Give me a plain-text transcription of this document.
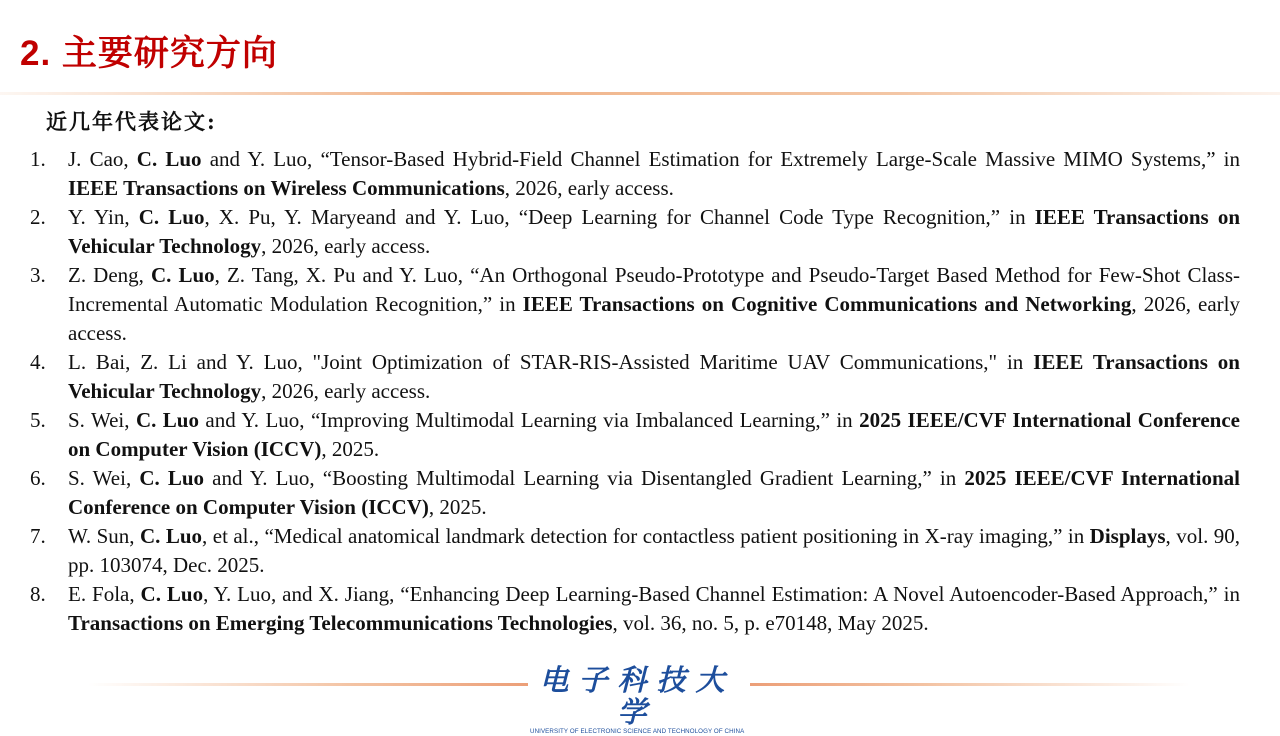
2. 主要研究方向
近几年代表论文:
1. J. Cao, C. Luo and Y. Luo, “Tensor-Based Hybrid-Field Channel Estimation for Extremely Large-Scale Massive MIMO Systems,” in IEEE Transactions on Wireless Communications, 2026, early access.
2. Y. Yin, C. Luo, X. Pu, Y. Maryeand and Y. Luo, “Deep Learning for Channel Code Type Recognition,” in IEEE Transactions on Vehicular Technology, 2026, early access.
3. Z. Deng, C. Luo, Z. Tang, X. Pu and Y. Luo, “An Orthogonal Pseudo-Prototype and Pseudo-Target Based Method for Few-Shot Class-Incremental Automatic Modulation Recognition,” in IEEE Transactions on Cognitive Communications and Networking, 2026, early access.
4. L. Bai, Z. Li and Y. Luo, "Joint Optimization of STAR-RIS-Assisted Maritime UAV Communications," in IEEE Transactions on Vehicular Technology, 2026, early access.
5. S. Wei, C. Luo and Y. Luo, “Improving Multimodal Learning via Imbalanced Learning,” in 2025 IEEE/CVF International Conference on Computer Vision (ICCV), 2025.
6. S. Wei, C. Luo and Y. Luo, “Boosting Multimodal Learning via Disentangled Gradient Learning,” in 2025 IEEE/CVF International Conference on Computer Vision (ICCV), 2025.
7. W. Sun, C. Luo, et al., “Medical anatomical landmark detection for contactless patient positioning in X-ray imaging,” in Displays, vol. 90, pp. 103074, Dec. 2025.
8. E. Fola, C. Luo, Y. Luo, and X. Jiang, “Enhancing Deep Learning-Based Channel Estimation: A Novel Autoencoder-Based Approach,” in Transactions on Emerging Telecommunications Technologies, vol. 36, no. 5, p. e70148, May 2025.
电子科技大学
UNIVERSITY OF ELECTRONIC SCIENCE AND TECHNOLOGY OF CHINA
